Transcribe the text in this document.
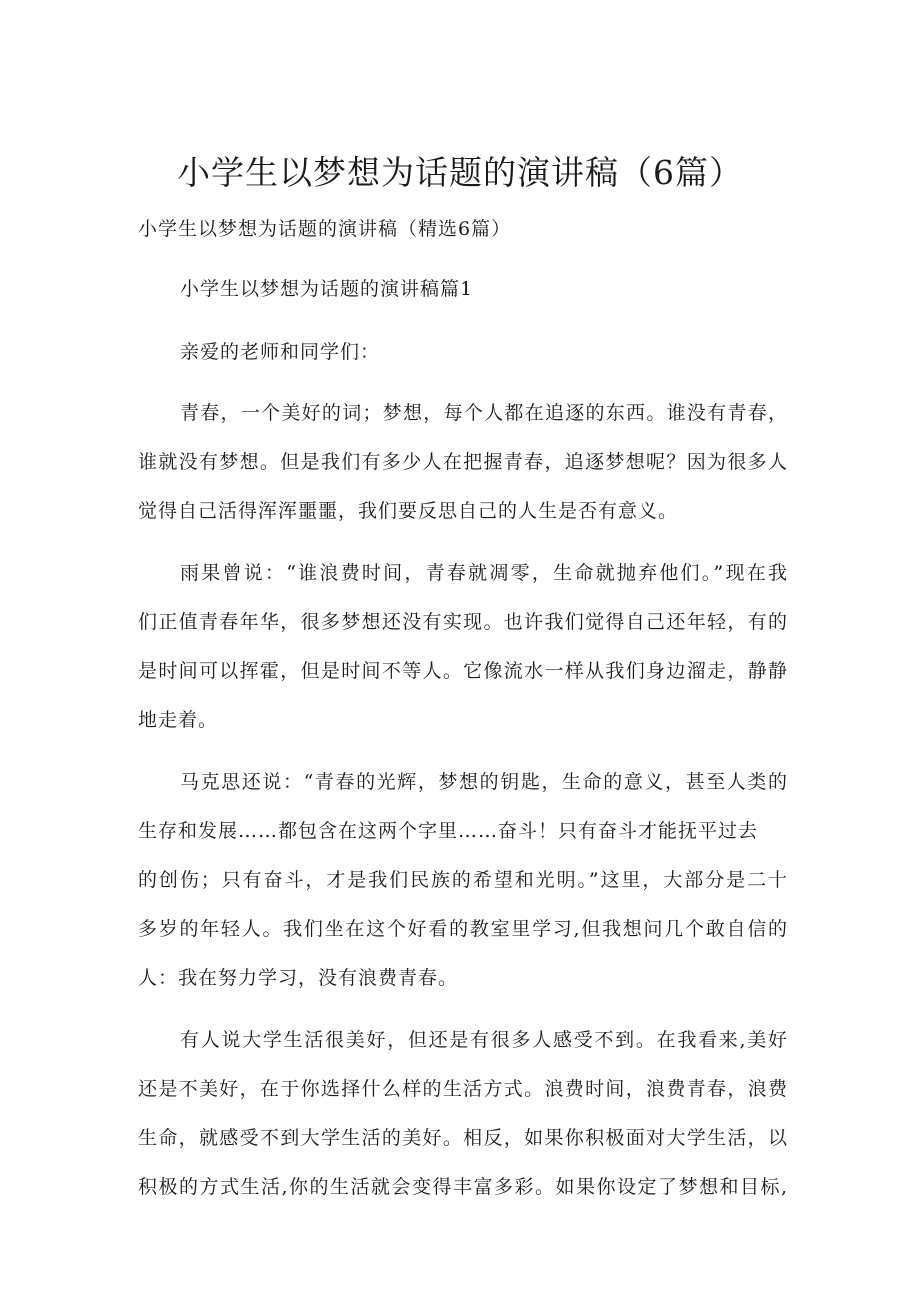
小学生以梦想为话题的演讲稿（6篇）

小学生以梦想为话题的演讲稿（精选6篇）

小学生以梦想为话题的演讲稿篇1

亲爱的老师和同学们：

青春，一个美好的词；梦想，每个人都在追逐的东西。谁没有青春，
谁就没有梦想。但是我们有多少人在把握青春，追逐梦想呢？因为很多人
觉得自己活得浑浑噩噩，我们要反思自己的人生是否有意义。
雨果曾说：“谁浪费时间，青春就凋零，生命就抛弃他们。”现在我
们正值青春年华，很多梦想还没有实现。也许我们觉得自己还年轻，有的
是时间可以挥霍，但是时间不等人。它像流水一样从我们身边溜走，静静
地走着。
马克思还说：“青春的光辉，梦想的钥匙，生命的意义，甚至人类的
生存和发展……都包含在这两个字里……奋斗！只有奋斗才能抚平过去
的创伤；只有奋斗，才是我们民族的希望和光明。”这里，大部分是二十
多岁的年轻人。我们坐在这个好看的教室里学习,但我想问几个敢自信的
人：我在努力学习，没有浪费青春。
有人说大学生活很美好，但还是有很多人感受不到。在我看来,美好
还是不美好，在于你选择什么样的生活方式。浪费时间，浪费青春，浪费
生命，就感受不到大学生活的美好。相反，如果你积极面对大学生活，以
积极的方式生活,你的生活就会变得丰富多彩。如果你设定了梦想和目标,
